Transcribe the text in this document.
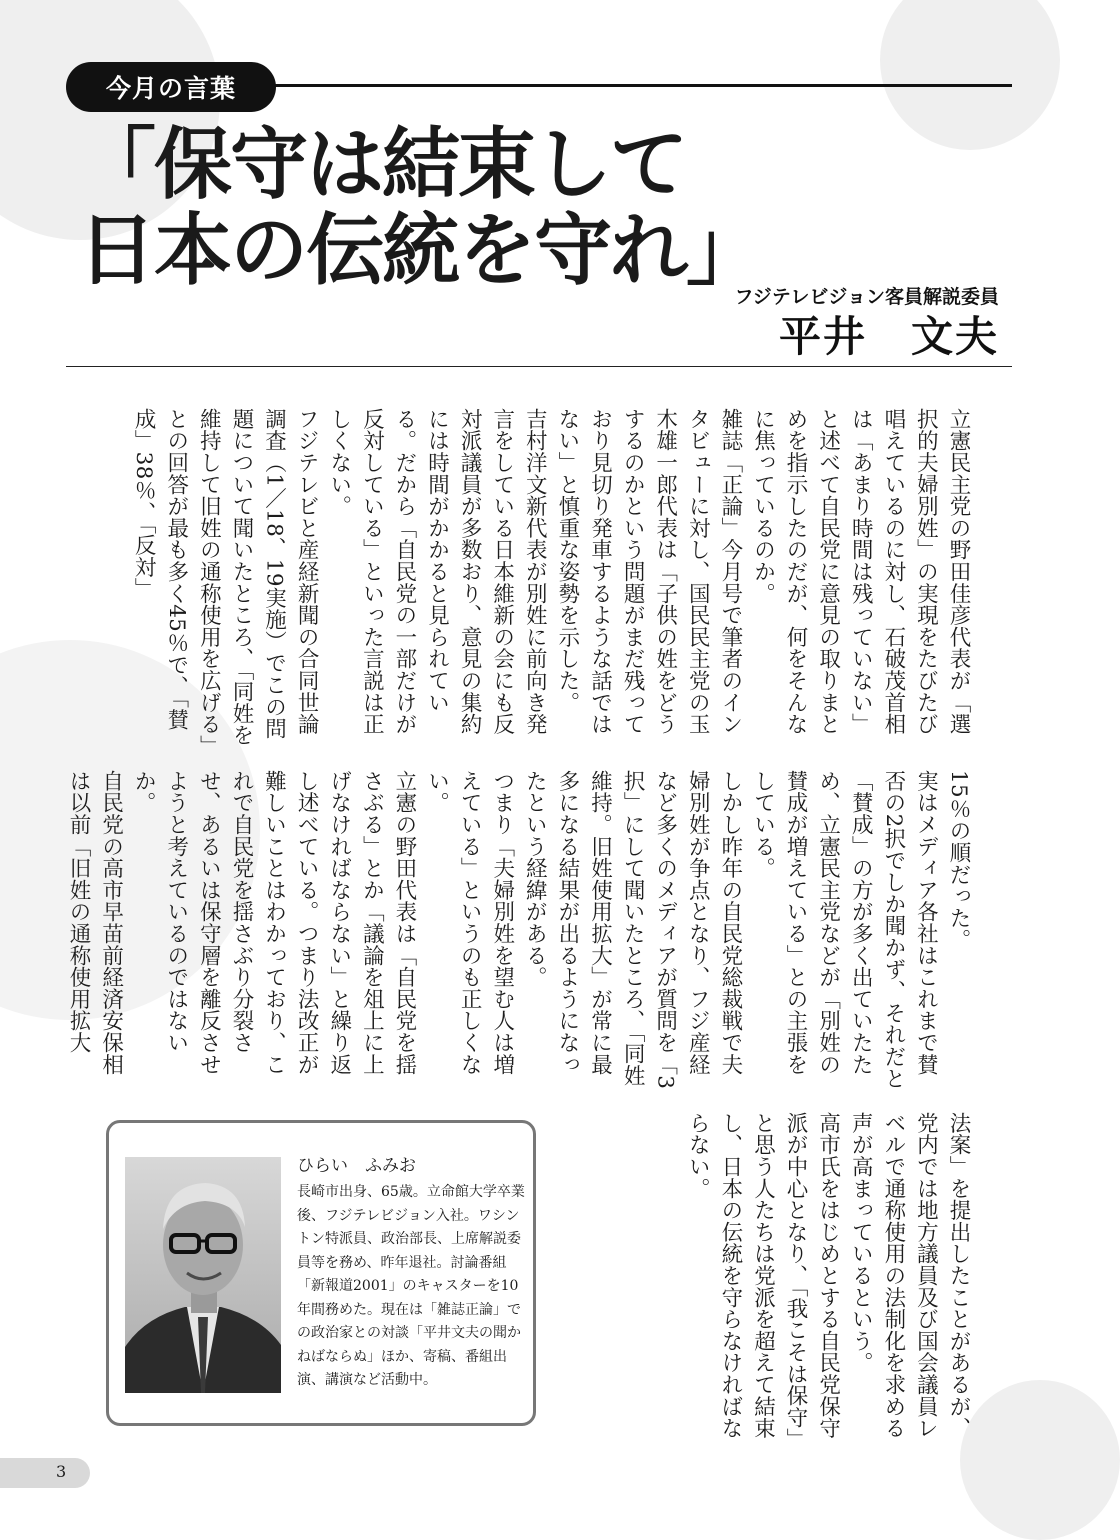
今月の言葉
「保守は結束して
日本の伝統を守れ」
フジテレビジョン客員解説委員
平井　文夫

立憲民主党の野田佳彦代表が「選択的夫婦別姓」の実現をたびたび唱えているのに対し、石破茂首相は「あまり時間は残っていない」と述べて自民党に意見の取りまとめを指示したのだが、何をそんなに焦っているのか。

雑誌「正論」今月号で筆者のインタビューに対し、国民民主党の玉木雄一郎代表は「子供の姓をどうするのかという問題がまだ残っており見切り発車するような話ではない」と慎重な姿勢を示した。

吉村洋文新代表が別姓に前向き発言をしている日本維新の会にも反対派議員が多数おり、意見の集約には時間がかかると見られている。だから「自民党の一部だけが反対している」といった言説は正しくない。

フジテレビと産経新聞の合同世論調査（1／18、19実施）でこの問題について聞いたところ、「同姓を維持して旧姓の通称使用を広げる」との回答が最も多く45％で、「賛成」38％、「反対」

15％の順だった。

実はメディア各社はこれまで賛否の2択でしか聞かず、それだと「賛成」の方が多く出ていたため、立憲民主党などが「別姓の賛成が増えている」との主張をしている。

しかし昨年の自民党総裁戦で夫婦別姓が争点となり、フジ産経など多くのメディアが質問を「3択」にして聞いたところ、「同姓維持。旧姓使用拡大」が常に最多になる結果が出るようになったという経緯がある。

つまり「夫婦別姓を望む人は増えている」というのも正しくない。

立憲の野田代表は「自民党を揺さぶる」とか「議論を俎上に上げなければならない」と繰り返し述べている。つまり法改正が難しいことはわかっており、これで自民党を揺さぶり分裂させ、あるいは保守層を離反させようと考えているのではないか。

自民党の高市早苗前経済安保相は以前「旧姓の通称使用拡大

法案」を提出したことがあるが、党内では地方議員及び国会議員レベルで通称使用の法制化を求める声が高まっているという。

高市氏をはじめとする自民党保守派が中心となり、「我こそは保守」と思う人たちは党派を超えて結束し、日本の伝統を守らなければならない。

ひらい　ふみお

長崎市出身、65歳。立命館大学卒業後、フジテレビジョン入社。ワシントン特派員、政治部長、上席解説委員等を務め、昨年退社。討論番組「新報道2001」のキャスターを10年間務めた。現在は「雑誌正論」での政治家との対談「平井文夫の聞かねばならぬ」ほか、寄稿、番組出演、講演など活動中。

3
